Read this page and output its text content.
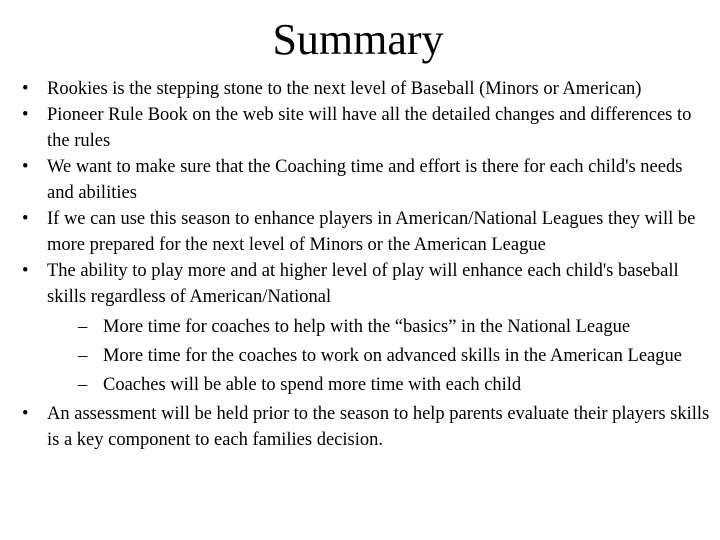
Summary
•	Rookies is the stepping stone to the next level of Baseball (Minors or American)
•	Pioneer Rule Book on the web site will have all the detailed changes and differences to the rules
•	We want to make sure that the Coaching time and effort is there for each child's needs and abilities
•	If we can use this season to enhance players in American/National Leagues they will be more prepared for the next level of Minors or the American League
•	The ability to play more and at higher level of play will enhance each child's baseball skills regardless of American/National
– More time for coaches to help with the “basics” in the National League
– More time for the coaches to work on advanced skills in the American League
– Coaches will be able to spend more time with each child
•	An assessment will be held prior to the season to help parents evaluate their players skills is a key component to each families decision.
